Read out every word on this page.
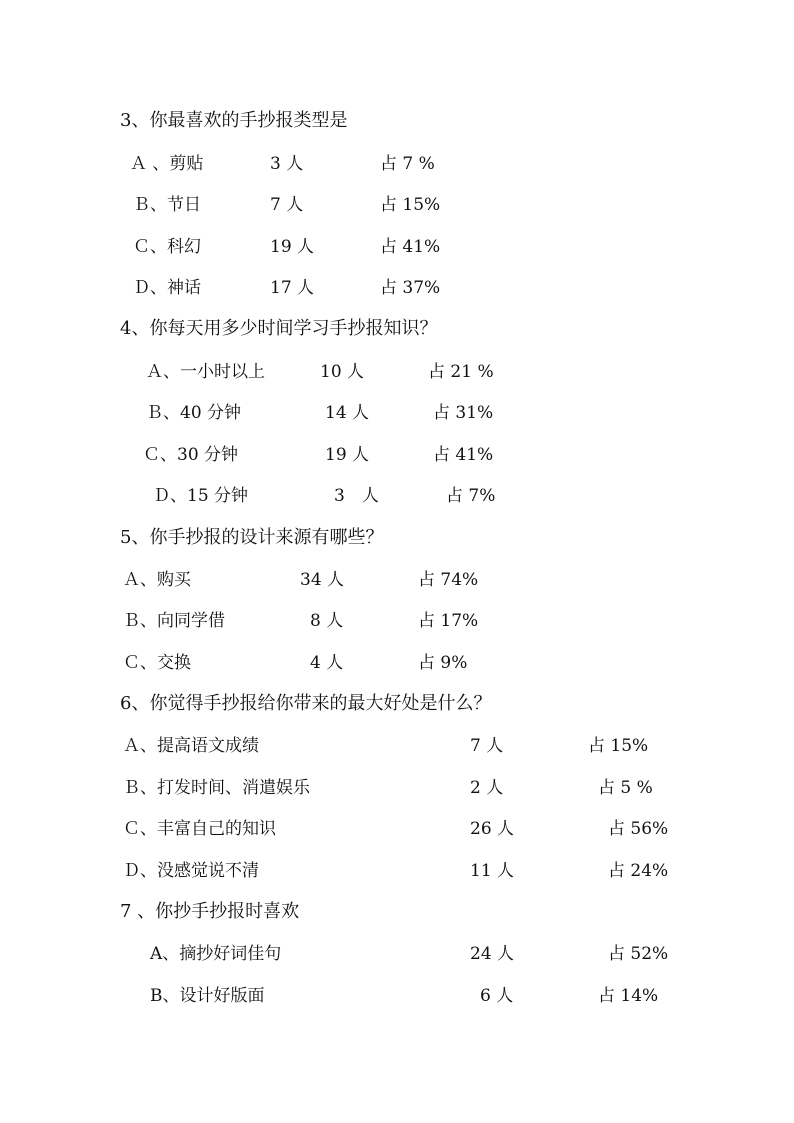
3、你最喜欢的手抄报类型是
Ａ 、剪贴	3 人	占 7 %
Ｂ、节日	7 人	占 15%
Ｃ、科幻	19 人	占 41%
Ｄ、神话	17 人	占 37%
4、你每天用多少时间学习手抄报知识？
Ａ、一小时以上	10 人	占 21 %
Ｂ、40 分钟	14 人	占 31%
Ｃ、30 分钟	19 人	占 41%
Ｄ、15 分钟	3　人	占 7%
5、你手抄报的设计来源有哪些？
Ａ、购买	34 人	占 74%
Ｂ、向同学借	8 人	占 17%
Ｃ、交换	4 人	占 9%
6、你觉得手抄报给你带来的最大好处是什么？
Ａ、提高语文成绩	7 人	占 15%
Ｂ、打发时间、消遣娱乐	2 人	占 5 %
Ｃ、丰富自己的知识	26 人	占 56%
Ｄ、没感觉说不清	11 人	占 24%
7 、你抄手抄报时喜欢
A、摘抄好词佳句	24 人	占 52%
B、设计好版面	6 人	占 14%
